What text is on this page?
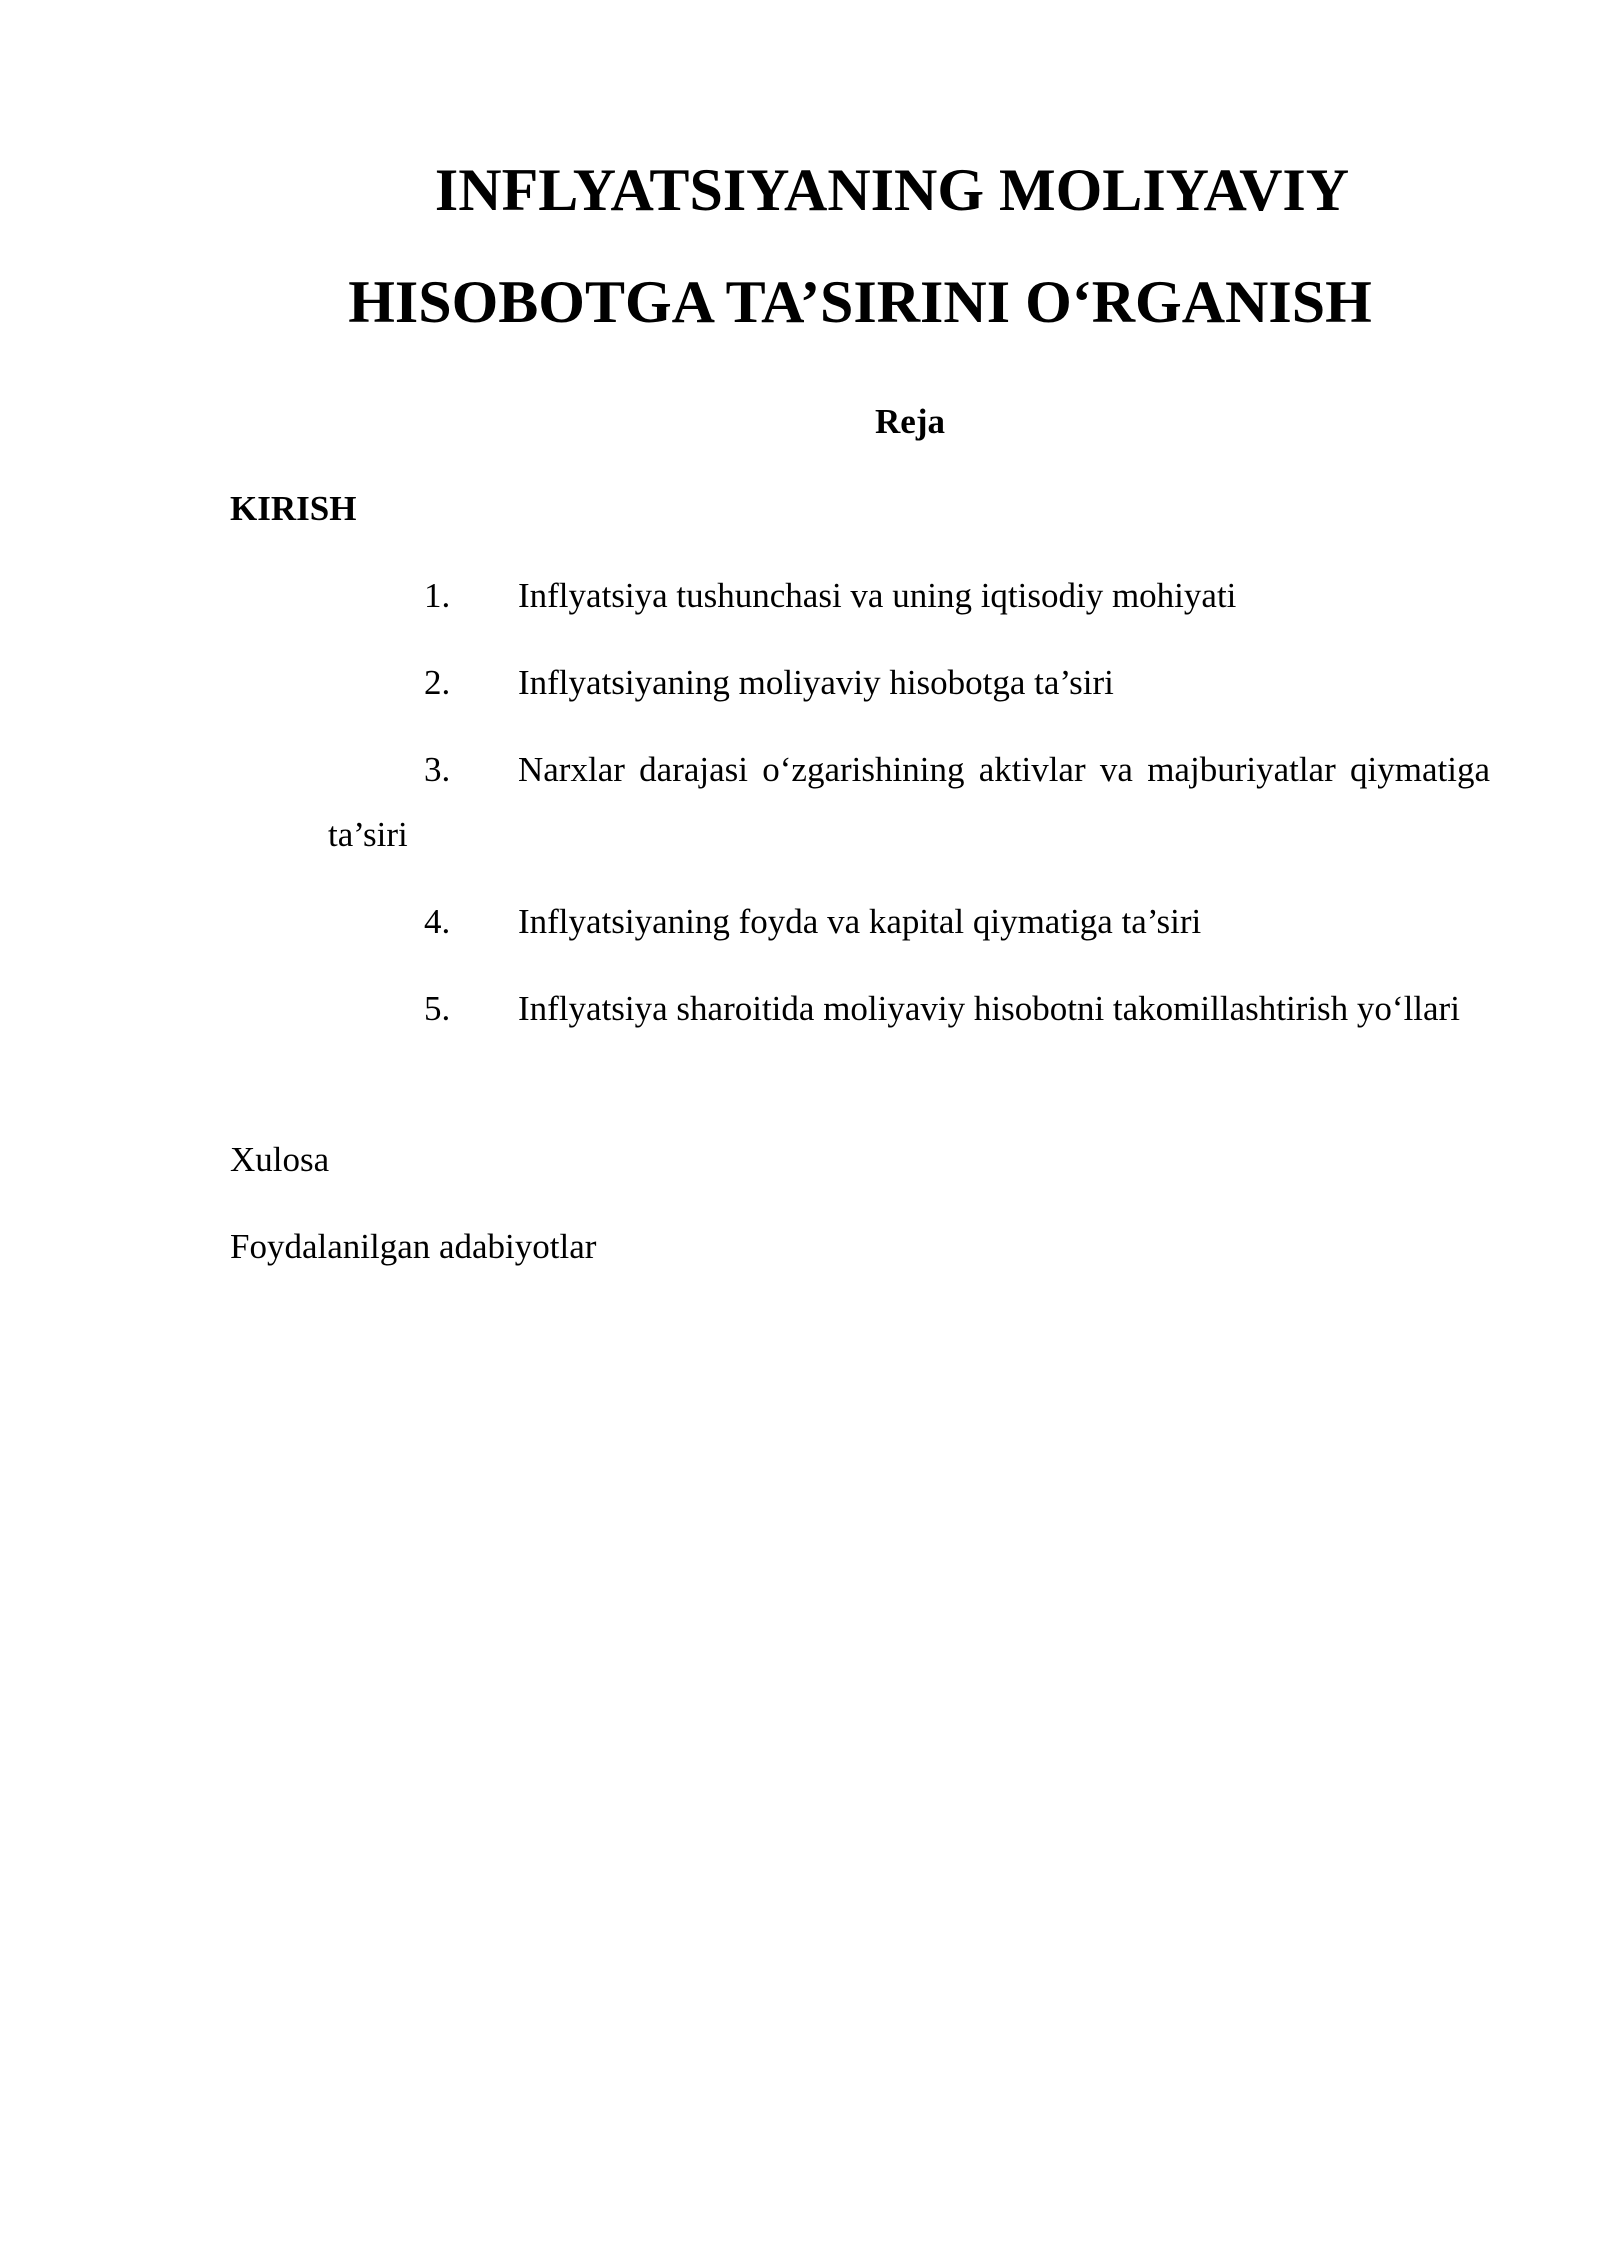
INFLYATSIYANING MOLIYAVIY
HISOBOTGA TA’SIRINI O‘RGANISH
Reja
KIRISH
1.	Inflyatsiya tushunchasi va uning iqtisodiy mohiyati
2.	Inflyatsiyaning moliyaviy hisobotga ta’siri
3.	Narxlar darajasi o‘zgarishining aktivlar va majburiyatlar qiymatiga ta’siri
4.	Inflyatsiyaning foyda va kapital qiymatiga ta’siri
5.	Inflyatsiya sharoitida moliyaviy hisobotni takomillashtirish yo‘llari
Xulosa
Foydalanilgan adabiyotlar
